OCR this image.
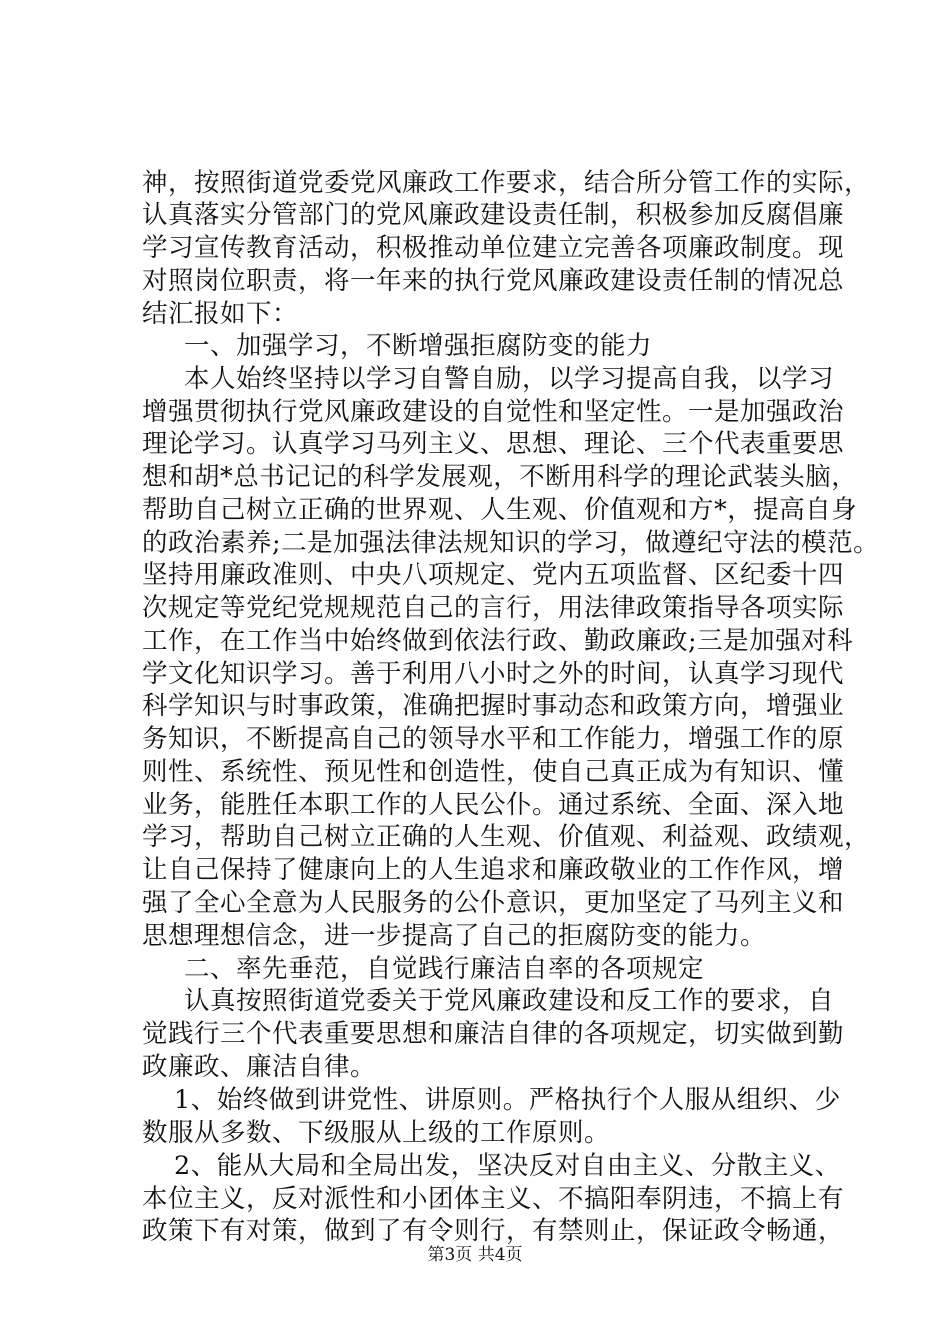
神，按照街道党委党风廉政工作要求，结合所分管工作的实际，
认真落实分管部门的党风廉政建设责任制，积极参加反腐倡廉
学习宣传教育活动，积极推动单位建立完善各项廉政制度。现
对照岗位职责，将一年来的执行党风廉政建设责任制的情况总
结汇报如下：
一、加强学习，不断增强拒腐防变的能力
本人始终坚持以学习自警自励，以学习提高自我，以学习
增强贯彻执行党风廉政建设的自觉性和坚定性。一是加强政治
理论学习。认真学习马列主义、思想、理论、三个代表重要思
想和胡*总书记记的科学发展观，不断用科学的理论武装头脑，
帮助自己树立正确的世界观、人生观、价值观和方*，提高自身
的政治素养;二是加强法律法规知识的学习，做遵纪守法的模范。
坚持用廉政准则、中央八项规定、党内五项监督、区纪委十四
次规定等党纪党规规范自己的言行，用法律政策指导各项实际
工作，在工作当中始终做到依法行政、勤政廉政;三是加强对科
学文化知识学习。善于利用八小时之外的时间，认真学习现代
科学知识与时事政策，准确把握时事动态和政策方向，增强业
务知识，不断提高自己的领导水平和工作能力，增强工作的原
则性、系统性、预见性和创造性，使自己真正成为有知识、懂
业务，能胜任本职工作的人民公仆。通过系统、全面、深入地
学习，帮助自己树立正确的人生观、价值观、利益观、政绩观，
让自己保持了健康向上的人生追求和廉政敬业的工作作风，增
强了全心全意为人民服务的公仆意识，更加坚定了马列主义和
思想理想信念，进一步提高了自己的拒腐防变的能力。
二、率先垂范，自觉践行廉洁自率的各项规定
认真按照街道党委关于党风廉政建设和反工作的要求，自
觉践行三个代表重要思想和廉洁自律的各项规定，切实做到勤
政廉政、廉洁自律。
1、始终做到讲党性、讲原则。严格执行个人服从组织、少
数服从多数、下级服从上级的工作原则。
2、能从大局和全局出发，坚决反对自由主义、分散主义、
本位主义，反对派性和小团体主义、不搞阳奉阴违，不搞上有
政策下有对策，做到了有令则行，有禁则止，保证政令畅通，
第3页 共4页
